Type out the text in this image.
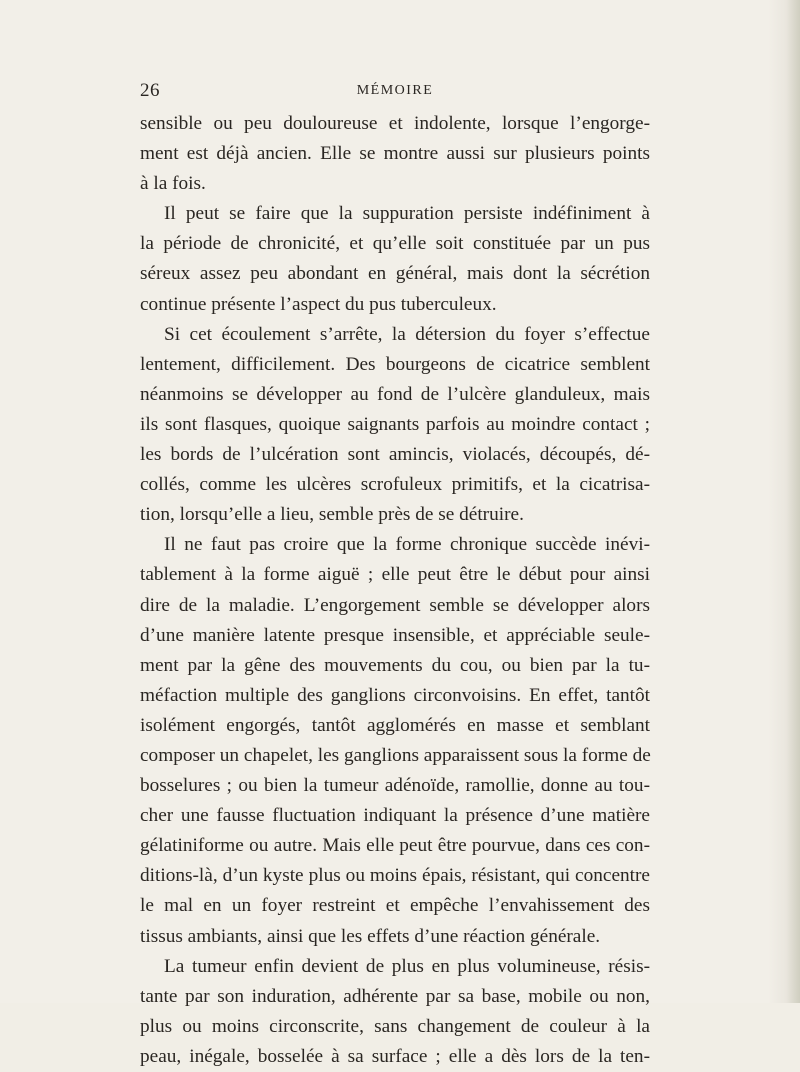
26	MÉMOIRE
sensible ou peu douloureuse et indolente, lorsque l’engorge-
ment est déjà ancien. Elle se montre aussi sur plusieurs points
à la fois.
Il peut se faire que la suppuration persiste indéfiniment à
la période de chronicité, et qu’elle soit constituée par un pus
séreux assez peu abondant en général, mais dont la sécrétion
continue présente l’aspect du pus tuberculeux.
Si cet écoulement s’arrête, la détersion du foyer s’effectue
lentement, difficilement. Des bourgeons de cicatrice semblent
néanmoins se développer au fond de l’ulcère glanduleux, mais
ils sont flasques, quoique saignants parfois au moindre contact ;
les bords de l’ulcération sont amincis, violacés, découpés, dé-
collés, comme les ulcères scrofuleux primitifs, et la cicatrisa-
tion, lorsqu’elle a lieu, semble près de se détruire.
Il ne faut pas croire que la forme chronique succède inévi-
tablement à la forme aiguë ; elle peut être le début pour ainsi
dire de la maladie. L’engorgement semble se développer alors
d’une manière latente presque insensible, et appréciable seule-
ment par la gêne des mouvements du cou, ou bien par la tu-
méfaction multiple des ganglions circonvoisins. En effet, tantôt
isolément engorgés, tantôt agglomérés en masse et semblant
composer un chapelet, les ganglions apparaissent sous la forme de
bosselures ; ou bien la tumeur adénoïde, ramollie, donne au tou-
cher une fausse fluctuation indiquant la présence d’une matière
gélatiniforme ou autre. Mais elle peut être pourvue, dans ces con-
ditions-là, d’un kyste plus ou moins épais, résistant, qui concentre
le mal en un foyer restreint et empêche l’envahissement des
tissus ambiants, ainsi que les effets d’une réaction générale.
La tumeur enfin devient de plus en plus volumineuse, résis-
tante par son induration, adhérente par sa base, mobile ou non,
plus ou moins circonscrite, sans changement de couleur à la
peau, inégale, bosselée à sa surface ; elle a dès lors de la ten-
